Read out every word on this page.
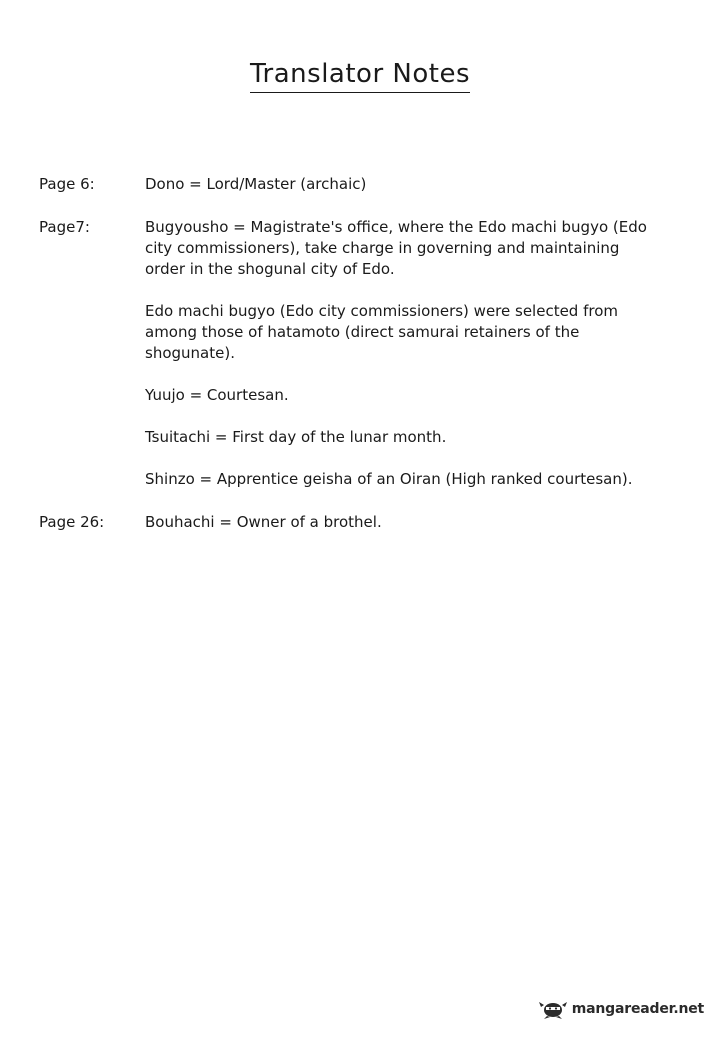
Translator Notes
Page 6:	Dono = Lord/Master (archaic)

Page7:	Bugyousho = Magistrate's office, where the Edo machi bugyo (Edo city commissioners), take charge in governing and maintaining order in the shogunal city of Edo.

Edo machi bugyo (Edo city commissioners) were selected from among those of hatamoto (direct samurai retainers of the shogunate).

Yuujo = Courtesan.

Tsuitachi = First day of the lunar month.

Shinzo = Apprentice geisha of an Oiran (High ranked courtesan).

Page 26:	Bouhachi = Owner of a brothel.

mangareader.net
